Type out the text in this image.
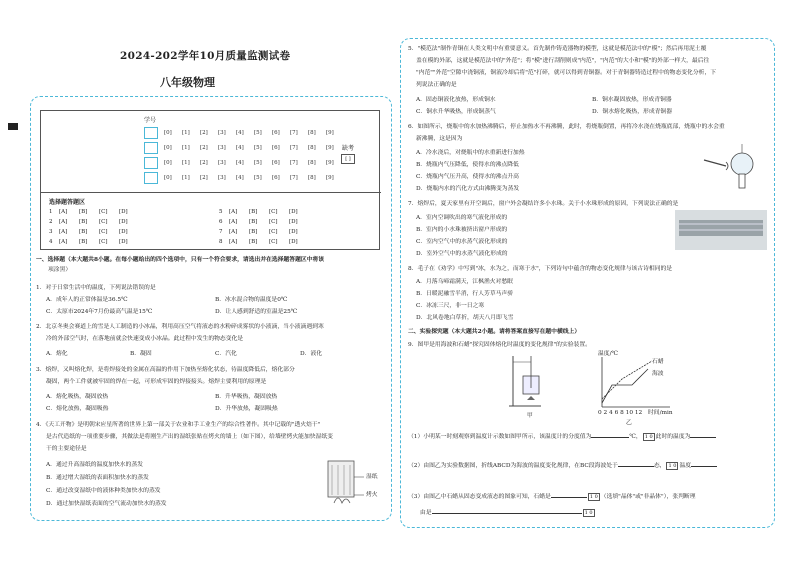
2024-202学年10月质量监测试卷
八年级物理
学号
[0]	[1]	[2]	[3]	[4]	[5]	[6]	[7]	[8]	[9]
[0]	[1]	[2]	[3]	[4]	[5]	[6]	[7]	[8]	[9]
[0]	[1]	[2]	[3]	[4]	[5]	[6]	[7]	[8]	[9]
[0]	[1]	[2]	[3]	[4]	[5]	[6]	[7]	[8]	[9]
缺考
[ ]
选择题答题区
1	[A]	[B]	[C]	[D]	5	[A]	[B]	[C]	[D]
2	[A]	[B]	[C]	[D]	6	[A]	[B]	[C]	[D]
3	[A]	[B]	[C]	[D]	7	[A]	[B]	[C]	[D]
4	[A]	[B]	[C]	[D]	8	[A]	[B]	[C]	[D]
一、选择题（本大题共8小题。在每小题给出的四个选项中，只有一个符合要求，请选出并在选择题答题区中将该
项涂黑）
1．对于日常生活中的温度，下列说法错误的是
A．成年人的正常体温是36.5℃	B．冰水混合物的温度是0℃
C．太原市2024年7月份最高气温是15℃	D．让人感到舒适的室温是25℃
2．北京冬奥会赛道上的雪是人工制造的小冰晶，利用高压空气将液态的水粉碎成雾状的小液滴，当小液滴遇到寒
冷的外部空气时，在落地前就会快速变成小冰晶。此过程中发生的物态变化是
A．熔化	B．凝固	C．汽化	D．液化
3．熔焊，又叫熔化焊，是将焊接处的金属在高温的作用下加热至熔化状态，待温度降低后，熔化部分
凝固，两个工件就被牢固的焊在一起，可形成牢固的焊接接头。熔焊主要利用的原理是
A．熔化吸热，凝固放热	B．升华吸热，凝固放热
C．熔化放热，凝固吸热	D．升华放热，凝固吸热
4．《天工开物》是明朝宋应星所著的世界上第一部关于农业和手工业生产的综合性著作。其中记载的"透火焙干"
是古代造纸的一项重要步骤，其做法是将刚生产出的湿纸张贴在烤火的墙上（如下图），给墙壁烤火能加快湿纸变
干的主要途径是
A．通过升高湿纸的温度加快水的蒸发
B．通过增大湿纸的表面积加快水的蒸发
C．通过改变湿纸中的液体种类加快水的蒸发
D．通过加快湿纸表面的空气流动加快水的蒸发
湿纸
烤火
5．"模范法"制作青铜在人类文明中有重要意义。首先制作铸造器物的模型，这就是模范法中的"模"；然后再用泥土覆
盖在模的外部，这就是模范法中的"外范"；将"模"进行刮削则成"内范"，"内范"的大小和"模"的外部一样大，最后往
"内范""外范"空隙中浇铜液，铜液冷却后将"范"打碎，就可以得到青铜器。对于青铜器铸造过程中的物态变化分析，下
列说法正确的是
A．固态铜液化放热，形成铜水	B．铜水凝固放热，形成青铜器
C．铜水升华吸热，形成铜蒸气	D．铜水熔化吸热，形成青铜器
6．如图所示，烧瓶中的水加热沸腾后，停止加热水不再沸腾，此时，将烧瓶倒置，再将冷水浇在烧瓶底部，烧瓶中的水会重
新沸腾，这是因为
A．冷水浇后，对烧瓶中的水重新进行加热
B．烧瓶内气压降低，使得水的沸点降低
C．烧瓶内气压升高，使得水的沸点升高
D．烧瓶内水的汽化方式由沸腾变为蒸发
7．熔焊后，夏天家里有开空调后，窗户外会凝结许多小水珠。关于小水珠形成的原因，下列说法正确的是
A．室内空调吹出的寒气液化形成的
B．室内的小水珠被挤出窗户形成的
C．室内空气中的水蒸气液化形成的
D．室外空气中的水蒸气液化形成的
8．毛子在《劝学》中写到"冰，水为之，而寒于水"，下列诗句中蕴含的物态变化规律与该古诗相同的是
A．月落乌啼霜满天，江枫渔火对愁眠
B．日暖泥融雪半消，行人芳草马声骄
C．冰冻三尺，非一日之寒
D．北风卷地白草折，胡天八月即飞雪
二、实验探究题（本大题共2小题。请将答案直接写在题中横线上）
9．图甲是用海波和石蜡"探究固体熔化时温度的变化规律"的实验装置。
甲
温度/℃
石蜡
海波
0 2 4 6 8 10 12 时间/min
乙
（1）小明某一时刻观察到温度计示数如图甲所示，该温度计的分度值为	℃， 1 0 此时的温度为
（2）由图乙为实验数据图，折线ABCD为海波的温度变化规律，在BC段海波处于	态， 1 0 温度
（3）由图乙中石蜡从固态变成液态的图象可知，石蜡是	1 0 （选填"晶体"或"非晶体"），张判断理
由是	1 0
